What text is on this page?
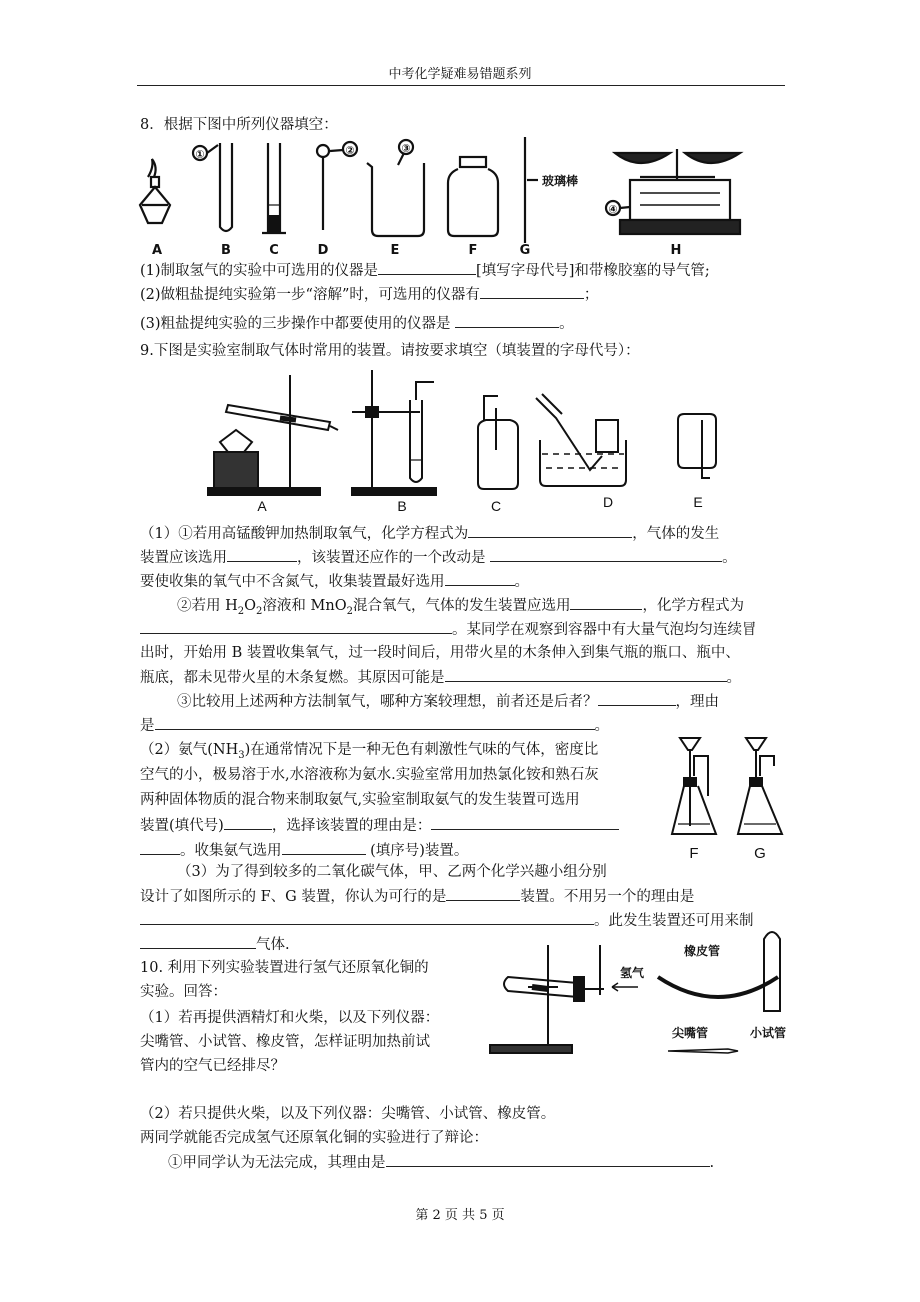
中考化学疑难易错题系列
8．根据下图中所列仪器填空：
A	B	C	D	E	F	G	H
①	②	③
④
玻璃棒
(1)制取氢气的实验中可选用的仪器是	[填写字母代号]和带橡胶塞的导气管;
(2)做粗盐提纯实验第一步“溶解”时，可选用的仪器有	；
(3)粗盐提纯实验的三步操作中都要使用的仪器是	。
9.下图是实验室制取气体时常用的装置。请按要求填空（填装置的字母代号）：
A	B	C	D	E
（1）①若用高锰酸钾加热制取氧气，化学方程式为	，气体的发生
装置应该选用	，该装置还应作的一个改动是	。
要使收集的氧气中不含氮气，收集装置最好选用	。
②若用 $H_2O_2$溶液和 MnO$_2$混合氧气，气体的发生装置应选用	，化学方程式为
。某同学在观察到容器中有大量气泡均匀连续冒
出时，开始用 B 装置收集氧气，过一段时间后，用带火星的木条伸入到集气瓶的瓶口、瓶中、
瓶底，都未见带火星的木条复燃。其原因可能是	。
③比较用上述两种方法制氧气，哪种方案较理想，前者还是后者？	，理由
是	。
（2）氨气$(NH_3)$在通常情况下是一种无色有刺激性气味的气体，密度比
空气的小，极易溶于水,水溶液称为氨水.实验室常用加热氯化铵和熟石灰
两种固体物质的混合物来制取氨气,实验室制取氨气的发生装置可选用
装置(填代号)	，选择该装置的理由是：
。收集氨气选用	(填序号)装置。	F	G
（3）为了得到较多的二氧化碳气体，甲、乙两个化学兴趣小组分别
设计了如图所示的 F、G 装置，你认为可行的是	装置。不用另一个的理由是
。此发生装置还可用来制
气体.
10. 利用下列实验装置进行氢气还原氧化铜的
实验。回答：
（1）若再提供酒精灯和火柴，以及下列仪器：
尖嘴管、小试管、橡皮管，怎样证明加热前试
管内的空气已经排尽？
氢气
橡皮管
尖嘴管	小试管
（2）若只提供火柴，以及下列仪器：尖嘴管、小试管、橡皮管。
两同学就能否完成氢气还原氧化铜的实验进行了辩论：
①甲同学认为无法完成，其理由是	.
第 2 页 共 5 页
